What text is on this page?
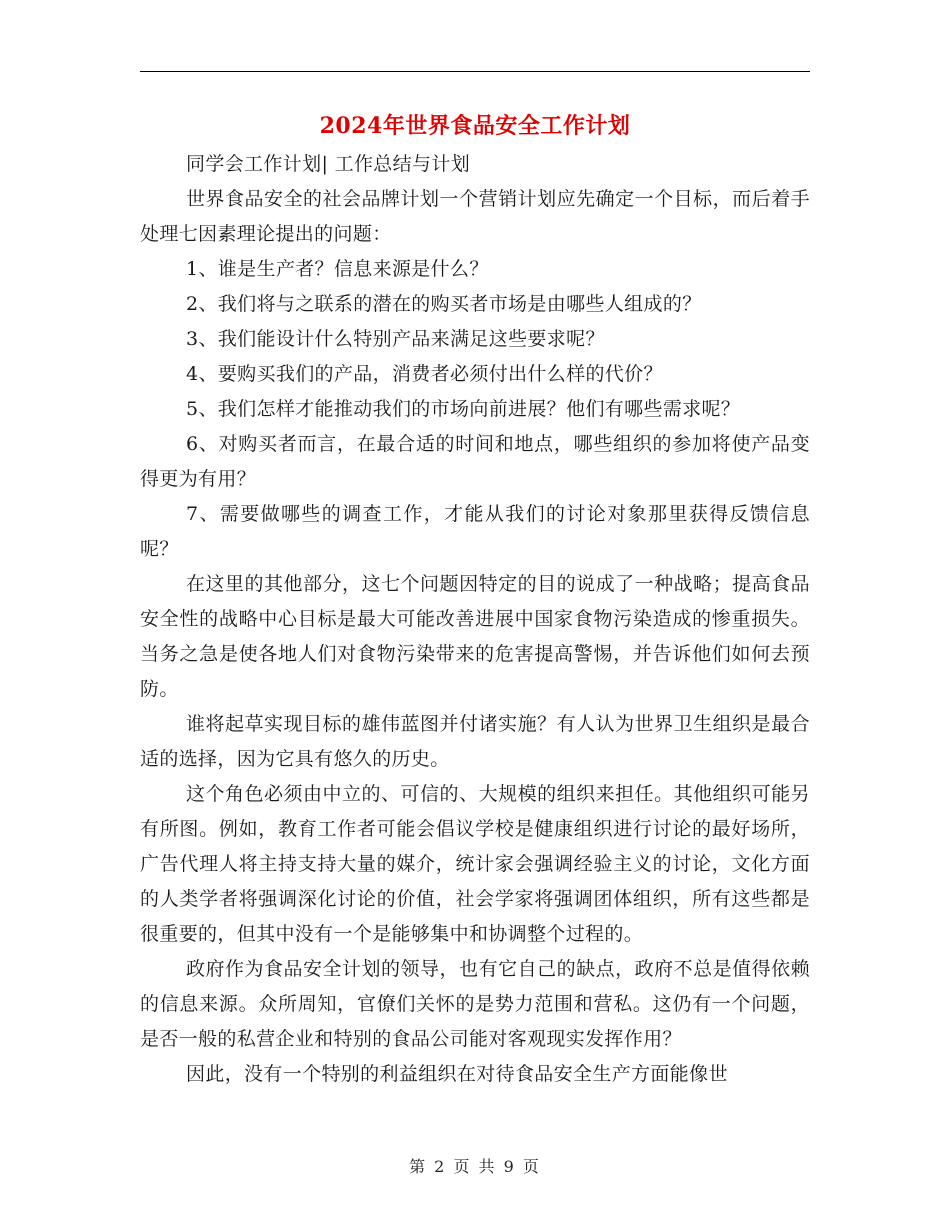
2024年世界食品安全工作计划

同学会工作计划| 工作总结与计划

世界食品安全的社会品牌计划一个营销计划应先确定一个目标，而后着手处理七因素理论提出的问题：

1、谁是生产者？信息来源是什么？

2、我们将与之联系的潜在的购买者市场是由哪些人组成的？

3、我们能设计什么特别产品来满足这些要求呢？

4、要购买我们的产品，消费者必须付出什么样的代价？

5、我们怎样才能推动我们的市场向前进展？他们有哪些需求呢？

6、对购买者而言，在最合适的时间和地点，哪些组织的参加将使产品变得更为有用？

7、需要做哪些的调查工作，才能从我们的讨论对象那里获得反馈信息呢？

在这里的其他部分，这七个问题因特定的目的说成了一种战略；提高食品安全性的战略中心目标是最大可能改善进展中国家食物污染造成的惨重损失。当务之急是使各地人们对食物污染带来的危害提高警惕，并告诉他们如何去预防。

谁将起草实现目标的雄伟蓝图并付诸实施？有人认为世界卫生组织是最合适的选择，因为它具有悠久的历史。

这个角色必须由中立的、可信的、大规模的组织来担任。其他组织可能另有所图。例如，教育工作者可能会倡议学校是健康组织进行讨论的最好场所，广告代理人将主持支持大量的媒介，统计家会强调经验主义的讨论，文化方面的人类学者将强调深化讨论的价值，社会学家将强调团体组织，所有这些都是很重要的，但其中没有一个是能够集中和协调整个过程的。

政府作为食品安全计划的领导，也有它自己的缺点，政府不总是值得依赖的信息来源。众所周知，官僚们关怀的是势力范围和营私。这仍有一个问题，是否一般的私营企业和特别的食品公司能对客观现实发挥作用？

因此，没有一个特别的利益组织在对待食品安全生产方面能像世

第 2 页 共 9 页
